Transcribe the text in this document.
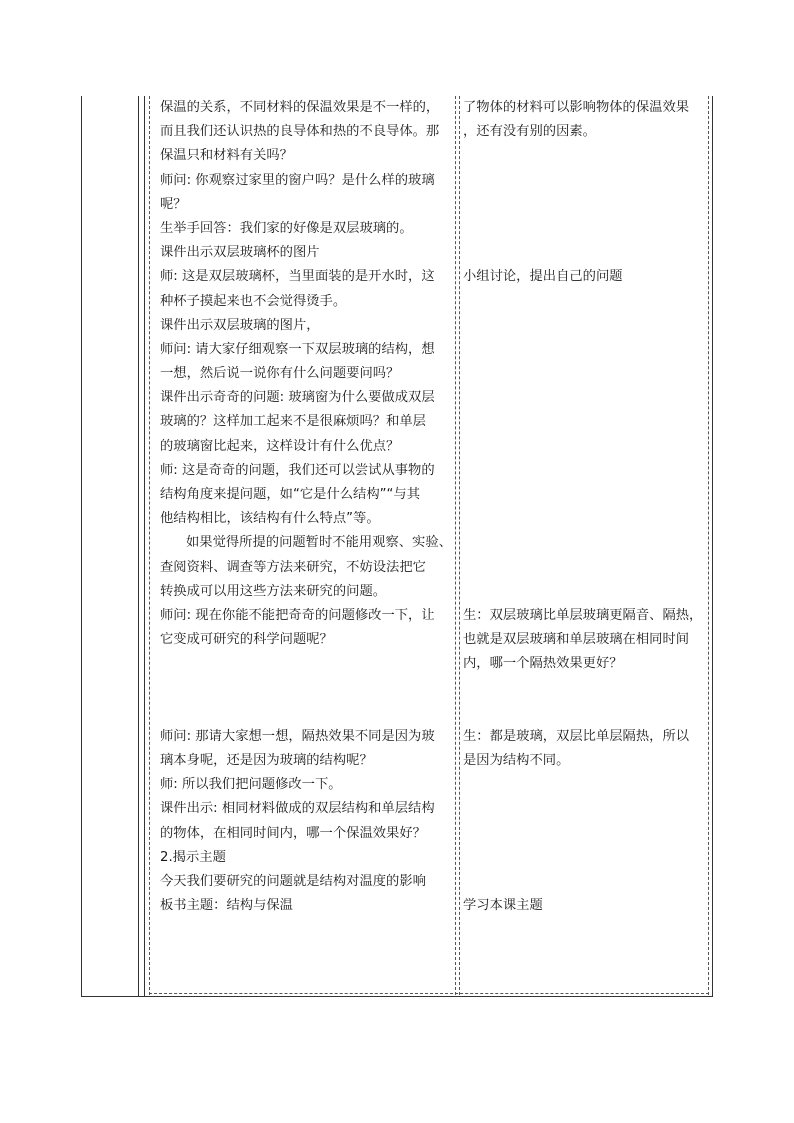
保温的关系，不同材料的保温效果是不一样的，
而且我们还认识热的良导体和热的不良导体。那
保温只和材料有关吗？
师问: 你观察过家里的窗户吗？是什么样的玻璃
呢？
生举手回答：我们家的好像是双层玻璃的。
课件出示双层玻璃杯的图片
师: 这是双层玻璃杯，当里面装的是开水时，这
种杯子摸起来也不会觉得烫手。
课件出示双层玻璃的图片，
师问: 请大家仔细观察一下双层玻璃的结构，想
一想，然后说一说你有什么问题要问吗？
课件出示奇奇的问题: 玻璃窗为什么要做成双层
玻璃的？这样加工起来不是很麻烦吗？和单层
的玻璃窗比起来，这样设计有什么优点？
师: 这是奇奇的问题，我们还可以尝试从事物的
结构角度来提问题，如“它是什么结构”“与其
他结构相比，该结构有什么特点”等。
如果觉得所提的问题暂时不能用观察、实验、
查阅资料、调查等方法来研究，不妨设法把它
转换成可以用这些方法来研究的问题。
师问: 现在你能不能把奇奇的问题修改一下，让
它变成可研究的科学问题呢？
师问: 那请大家想一想，隔热效果不同是因为玻
璃本身呢，还是因为玻璃的结构呢？
师: 所以我们把问题修改一下。
课件出示: 相同材料做成的双层结构和单层结构
的物体，在相同时间内，哪一个保温效果好？
2.揭示主题
今天我们要研究的问题就是结构对温度的影响
板书主题：结构与保温
了物体的材料可以影响物体的保温效果
，还有没有别的因素。
小组讨论，提出自己的问题
生：双层玻璃比单层玻璃更隔音、隔热，
也就是双层玻璃和单层玻璃在相同时间
内，哪一个隔热效果更好？
生：都是玻璃，双层比单层隔热，所以
是因为结构不同。
学习本课主题
